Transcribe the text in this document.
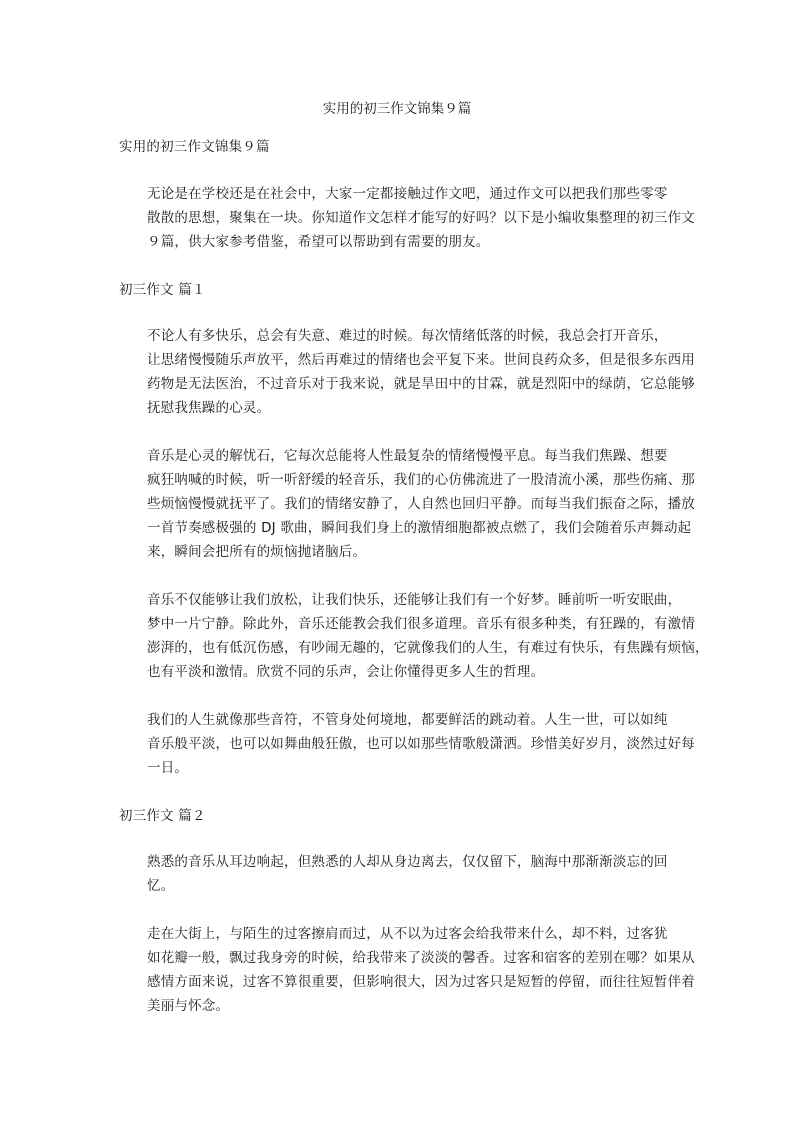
实用的初三作文锦集９篇
实用的初三作文锦集９篇
无论是在学校还是在社会中，大家一定都接触过作文吧，通过作文可以把我们那些零零
散散的思想，聚集在一块。你知道作文怎样才能写的好吗？以下是小编收集整理的初三作文
９篇，供大家参考借鉴，希望可以帮助到有需要的朋友。
初三作文 篇１
不论人有多快乐，总会有失意、难过的时候。每次情绪低落的时候，我总会打开音乐，
让思绪慢慢随乐声放平，然后再难过的情绪也会平复下来。世间良药众多，但是很多东西用
药物是无法医治，不过音乐对于我来说，就是旱田中的甘霖，就是烈阳中的绿荫，它总能够
抚慰我焦躁的心灵。
音乐是心灵的解忧石，它每次总能将人性最复杂的情绪慢慢平息。每当我们焦躁、想要
疯狂呐喊的时候，听一听舒缓的轻音乐，我们的心仿佛流进了一股清流小溪，那些伤痛、那
些烦恼慢慢就抚平了。我们的情绪安静了，人自然也回归平静。而每当我们振奋之际，播放
一首节奏感极强的 DJ 歌曲，瞬间我们身上的激情细胞都被点燃了，我们会随着乐声舞动起
来，瞬间会把所有的烦恼抛诸脑后。
音乐不仅能够让我们放松，让我们快乐，还能够让我们有一个好梦。睡前听一听安眠曲，
梦中一片宁静。除此外，音乐还能教会我们很多道理。音乐有很多种类，有狂躁的，有激情
澎湃的，也有低沉伤感，有吵闹无趣的，它就像我们的人生，有难过有快乐，有焦躁有烦恼，
也有平淡和激情。欣赏不同的乐声，会让你懂得更多人生的哲理。
我们的人生就像那些音符，不管身处何境地，都要鲜活的跳动着。人生一世，可以如纯
音乐般平淡，也可以如舞曲般狂傲，也可以如那些情歌般潇洒。珍惜美好岁月，淡然过好每
一日。
初三作文 篇２
熟悉的音乐从耳边响起，但熟悉的人却从身边离去，仅仅留下，脑海中那渐渐淡忘的回
忆。
走在大街上，与陌生的过客擦肩而过，从不以为过客会给我带来什么，却不料，过客犹
如花瓣一般，飘过我身旁的时候，给我带来了淡淡的馨香。过客和宿客的差别在哪？如果从
感情方面来说，过客不算很重要，但影响很大，因为过客只是短暂的停留，而往往短暂伴着
美丽与怀念。
